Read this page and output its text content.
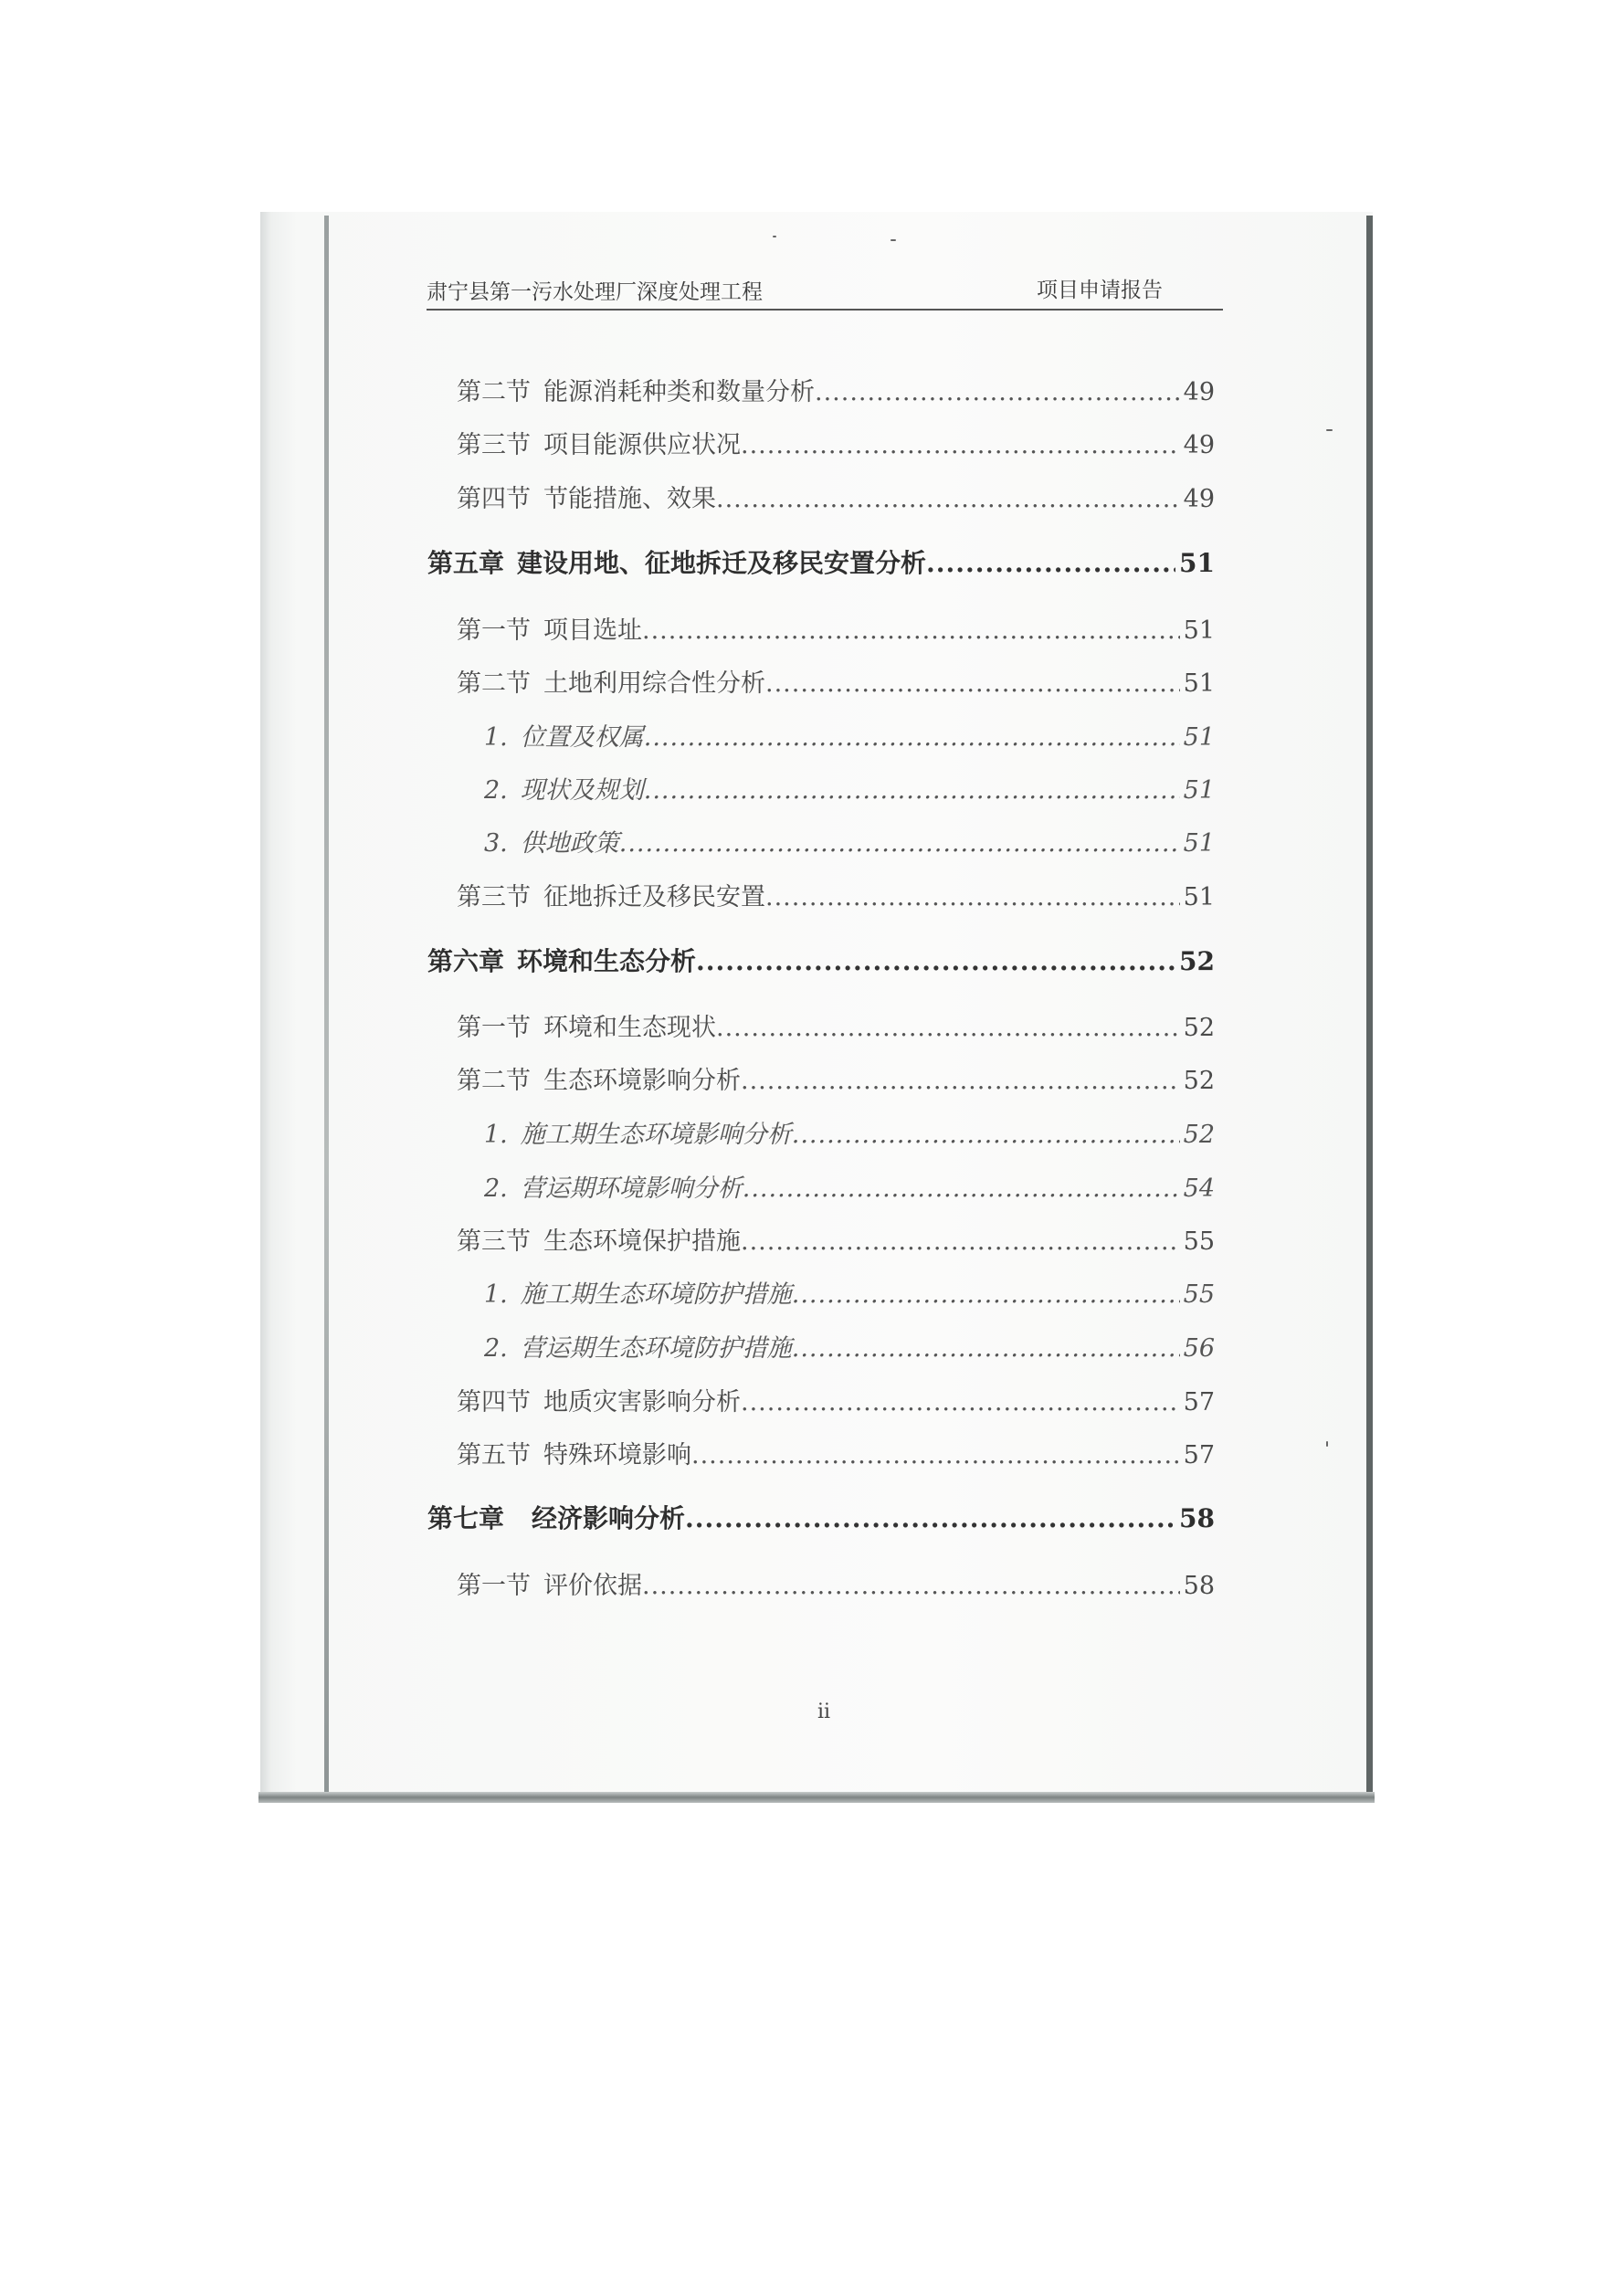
肃宁县第一污水处理厂深度处理工程	项目申请报告
第二节 能源消耗种类和数量分析 .....	49
第三节 项目能源供应状况 .....	49
第四节 节能措施、效果 .....	49
第五章 建设用地、征地拆迁及移民安置分析 .....	51
第一节 项目选址 .....	51
第二节 土地利用综合性分析 .....	51
1. 位置及权属 .....	51
2. 现状及规划 .....	51
3. 供地政策 .....	51
第三节 征地拆迁及移民安置 .....	51
第六章 环境和生态分析 .....	52
第一节 环境和生态现状 .....	52
第二节 生态环境影响分析 .....	52
1. 施工期生态环境影响分析 .....	52
2. 营运期环境影响分析 .....	54
第三节 生态环境保护措施 .....	55
1. 施工期生态环境防护措施 .....	55
2. 营运期生态环境防护措施 .....	56
第四节 地质灾害影响分析 .....	57
第五节 特殊环境影响 .....	57
第七章 经济影响分析 .....	58
第一节 评价依据 .....	58
ii
